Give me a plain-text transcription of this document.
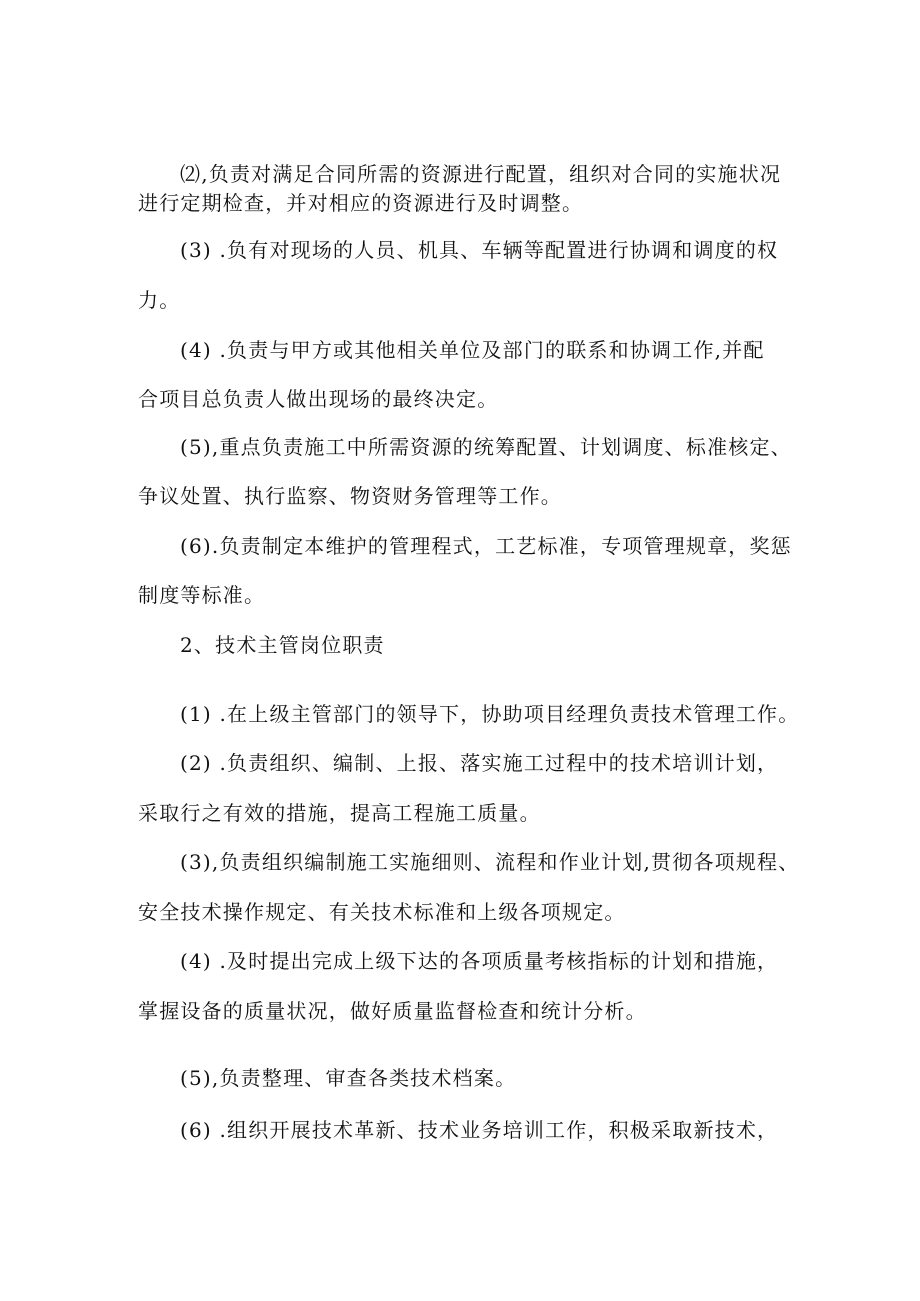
⑵,负责对满足合同所需的资源进行配置，组织对合同的实施状况
进行定期检查，并对相应的资源进行及时调整。
(3) .负有对现场的人员、机具、车辆等配置进行协调和调度的权
力。
(4) .负责与甲方或其他相关单位及部门的联系和协调工作,并配
合项目总负责人做出现场的最终决定。
(5),重点负责施工中所需资源的统筹配置、计划调度、标准核定、
争议处置、执行监察、物资财务管理等工作。
(6).负责制定本维护的管理程式，工艺标准，专项管理规章，奖惩
制度等标准。
2、技术主管岗位职责
(1) .在上级主管部门的领导下，协助项目经理负责技术管理工作。
(2) .负责组织、编制、上报、落实施工过程中的技术培训计划，
采取行之有效的措施，提高工程施工质量。
(3),负责组织编制施工实施细则、流程和作业计划,贯彻各项规程、
安全技术操作规定、有关技术标准和上级各项规定。
(4) .及时提出完成上级下达的各项质量考核指标的计划和措施，
掌握设备的质量状况，做好质量监督检查和统计分析。
(5),负责整理、审查各类技术档案。
(6) .组织开展技术革新、技术业务培训工作，积极采取新技术，
